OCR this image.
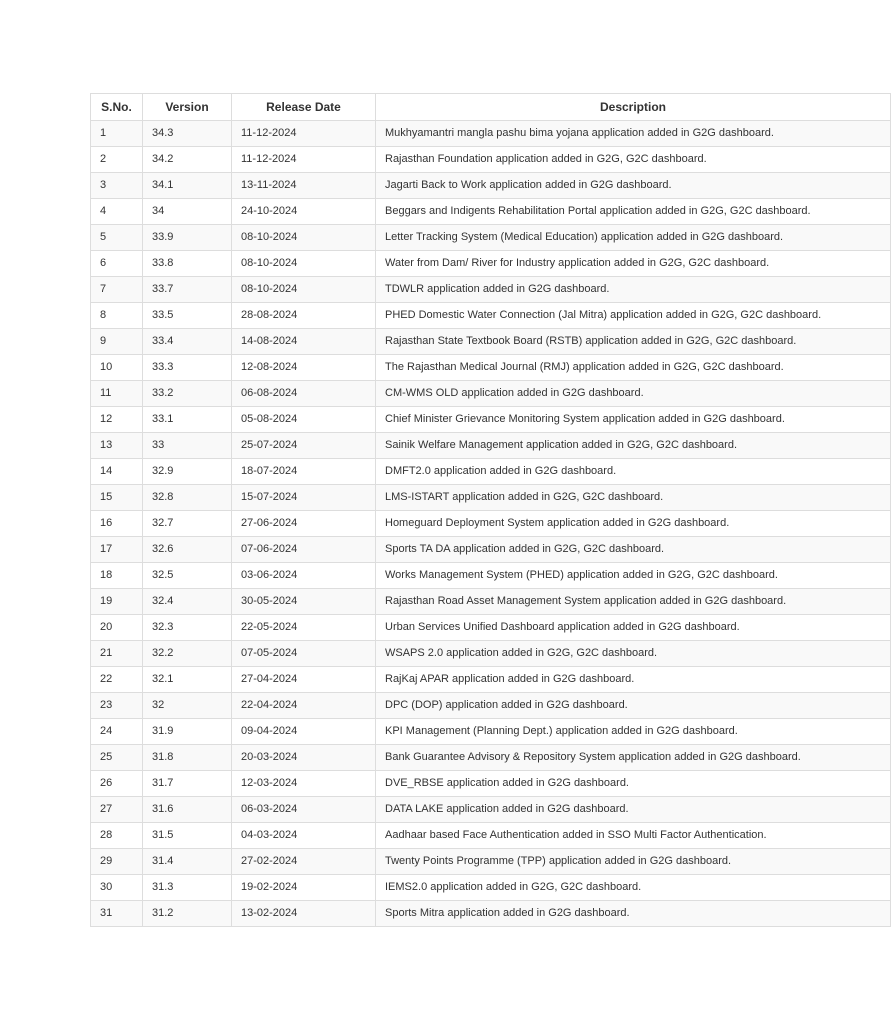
S.No.	Version	Release Date	Description
1	34.3	11-12-2024	Mukhyamantri mangla pashu bima yojana application added in G2G dashboard.
2	34.2	11-12-2024	Rajasthan Foundation application added in G2G, G2C dashboard.
3	34.1	13-11-2024	Jagarti Back to Work application added in G2G dashboard.
4	34	24-10-2024	Beggars and Indigents Rehabilitation Portal application added in G2G, G2C dashboard.
5	33.9	08-10-2024	Letter Tracking System (Medical Education) application added in G2G dashboard.
6	33.8	08-10-2024	Water from Dam/ River for Industry application added in G2G, G2C dashboard.
7	33.7	08-10-2024	TDWLR application added in G2G dashboard.
8	33.5	28-08-2024	PHED Domestic Water Connection (Jal Mitra) application added in G2G, G2C dashboard.
9	33.4	14-08-2024	Rajasthan State Textbook Board (RSTB) application added in G2G, G2C dashboard.
10	33.3	12-08-2024	The Rajasthan Medical Journal (RMJ) application added in G2G, G2C dashboard.
11	33.2	06-08-2024	CM-WMS OLD application added in G2G dashboard.
12	33.1	05-08-2024	Chief Minister Grievance Monitoring System application added in G2G dashboard.
13	33	25-07-2024	Sainik Welfare Management application added in G2G, G2C dashboard.
14	32.9	18-07-2024	DMFT2.0 application added in G2G dashboard.
15	32.8	15-07-2024	LMS-ISTART application added in G2G, G2C dashboard.
16	32.7	27-06-2024	Homeguard Deployment System application added in G2G dashboard.
17	32.6	07-06-2024	Sports TA DA application added in G2G, G2C dashboard.
18	32.5	03-06-2024	Works Management System (PHED) application added in G2G, G2C dashboard.
19	32.4	30-05-2024	Rajasthan Road Asset Management System application added in G2G dashboard.
20	32.3	22-05-2024	Urban Services Unified Dashboard application added in G2G dashboard.
21	32.2	07-05-2024	WSAPS 2.0 application added in G2G, G2C dashboard.
22	32.1	27-04-2024	RajKaj APAR application added in G2G dashboard.
23	32	22-04-2024	DPC (DOP) application added in G2G dashboard.
24	31.9	09-04-2024	KPI Management (Planning Dept.) application added in G2G dashboard.
25	31.8	20-03-2024	Bank Guarantee Advisory & Repository System application added in G2G dashboard.
26	31.7	12-03-2024	DVE_RBSE application added in G2G dashboard.
27	31.6	06-03-2024	DATA LAKE application added in G2G dashboard.
28	31.5	04-03-2024	Aadhaar based Face Authentication added in SSO Multi Factor Authentication.
29	31.4	27-02-2024	Twenty Points Programme (TPP) application added in G2G dashboard.
30	31.3	19-02-2024	IEMS2.0 application added in G2G, G2C dashboard.
31	31.2	13-02-2024	Sports Mitra application added in G2G dashboard.
